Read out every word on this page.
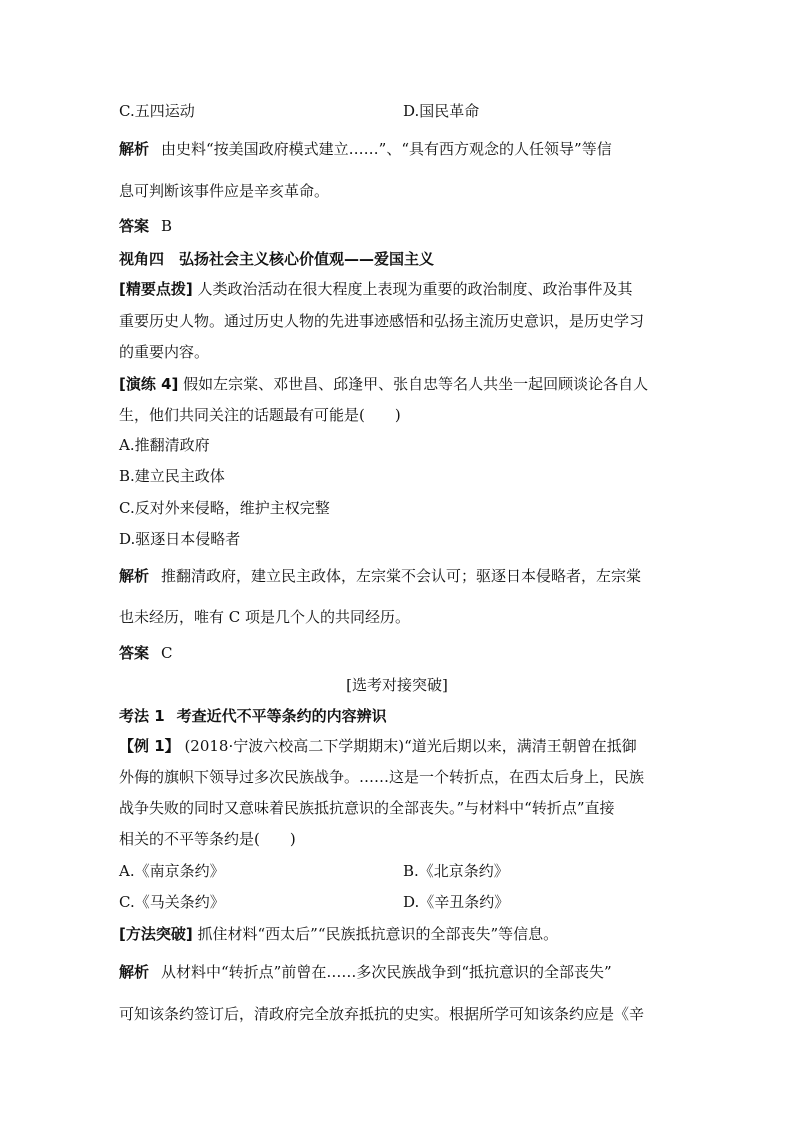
C.五四运动	D.国民革命
解析 由史料“按美国政府模式建立……”、“具有西方观念的人任领导”等信
息可判断该事件应是辛亥革命。
答案 B
视角四　弘扬社会主义核心价值观——爱国主义
[精要点拨] 人类政治活动在很大程度上表现为重要的政治制度、政治事件及其
重要历史人物。通过历史人物的先进事迹感悟和弘扬主流历史意识，是历史学习
的重要内容。
[演练 4] 假如左宗棠、邓世昌、邱逢甲、张自忠等名人共坐一起回顾谈论各自人
生，他们共同关注的话题最有可能是(　　)
A.推翻清政府
B.建立民主政体
C.反对外来侵略，维护主权完整
D.驱逐日本侵略者
解析 推翻清政府，建立民主政体，左宗棠不会认可；驱逐日本侵略者，左宗棠
也未经历，唯有 C 项是几个人的共同经历。
答案 C
[选考对接突破]
考法 1 考查近代不平等条约的内容辨识
【例 1】 (2018·宁波六校高二下学期期末)“道光后期以来，满清王朝曾在抵御
外侮的旗帜下领导过多次民族战争。……这是一个转折点，在西太后身上，民族
战争失败的同时又意味着民族抵抗意识的全部丧失。”与材料中“转折点”直接
相关的不平等条约是(　　)
A.《南京条约》	B.《北京条约》
C.《马关条约》	D.《辛丑条约》
[方法突破] 抓住材料“西太后”“民族抵抗意识的全部丧失”等信息。
解析 从材料中“转折点”前曾在……多次民族战争到“抵抗意识的全部丧失”
可知该条约签订后，清政府完全放弃抵抗的史实。根据所学可知该条约应是《辛
